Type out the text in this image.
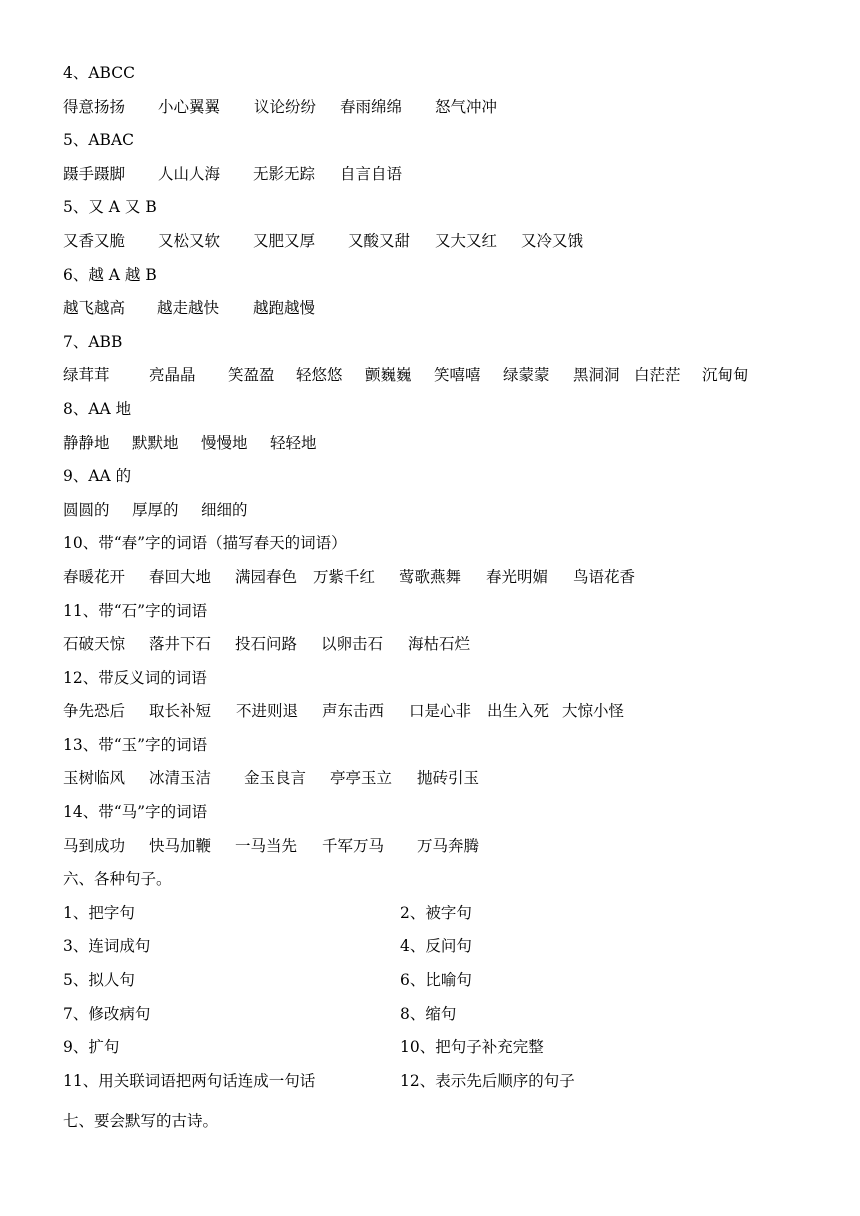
4、ABCC
得意扬扬	小心翼翼	议论纷纷	春雨绵绵	怒气冲冲
5、ABAC
蹑手蹑脚	人山人海	无影无踪	自言自语
5、又 A 又 B
又香又脆	又松又软	又肥又厚	又酸又甜	又大又红	又冷又饿
6、越 A 越 B
越飞越高	越走越快	越跑越慢
7、ABB
绿茸茸	亮晶晶	笑盈盈	轻悠悠	颤巍巍	笑嘻嘻	绿蒙蒙	黑洞洞 白茫茫	沉甸甸
8、AA 地
静静地	默默地	慢慢地	轻轻地
9、AA 的
圆圆的	厚厚的	细细的
10、带“春”字的词语（描写春天的词语）
春暖花开	春回大地	满园春色	万紫千红	莺歌燕舞	春光明媚	鸟语花香
11、带“石”字的词语
石破天惊	落井下石	投石问路	以卵击石	海枯石烂
12、带反义词的词语
争先恐后	取长补短	不进则退	声东击西	口是心非	出生入死 大惊小怪
13、带“玉”字的词语
玉树临风	冰清玉洁	金玉良言	亭亭玉立	抛砖引玉
14、带“马”字的词语
马到成功	快马加鞭	一马当先	千军万马	万马奔腾
六、各种句子。
1、把字句	2、被字句
3、连词成句	4、反问句
5、拟人句	6、比喻句
7、修改病句	8、缩句
9、扩句	10、把句子补充完整
11、用关联词语把两句话连成一句话	12、表示先后顺序的句子
七、要会默写的古诗。
